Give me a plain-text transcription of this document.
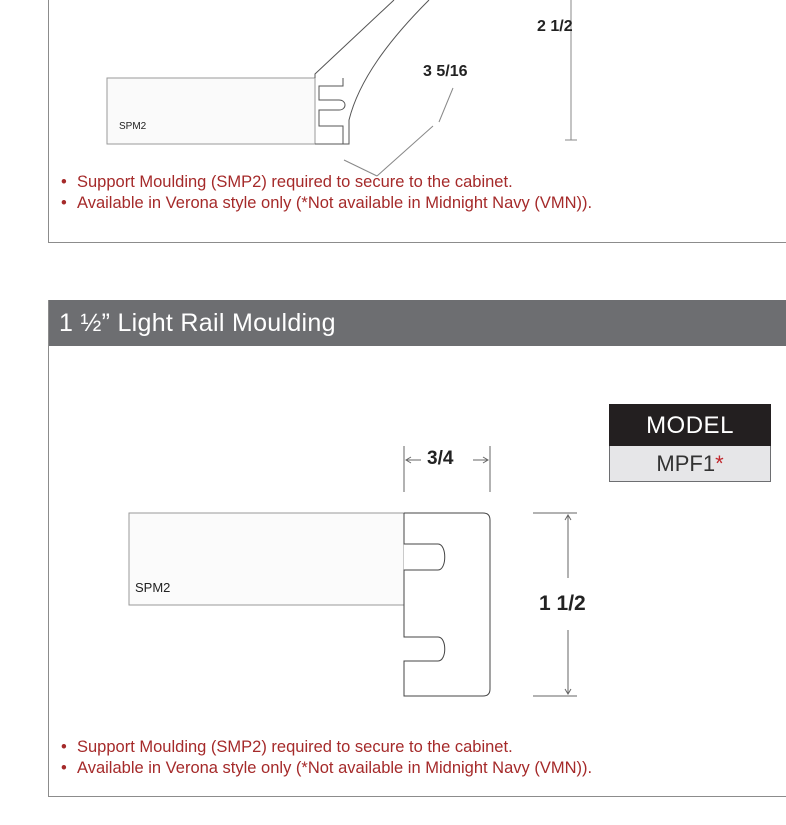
2 1/2
3 5/16
SPM2
• Support Moulding (SMP2) required to secure to the cabinet.
• Available in Verona style only (*Not available in Midnight Navy (VMN)).
1 ½” Light Rail Moulding
MODEL
MPF1*
3/4
1 1/2
SPM2
• Support Moulding (SMP2) required to secure to the cabinet.
• Available in Verona style only (*Not available in Midnight Navy (VMN)).
